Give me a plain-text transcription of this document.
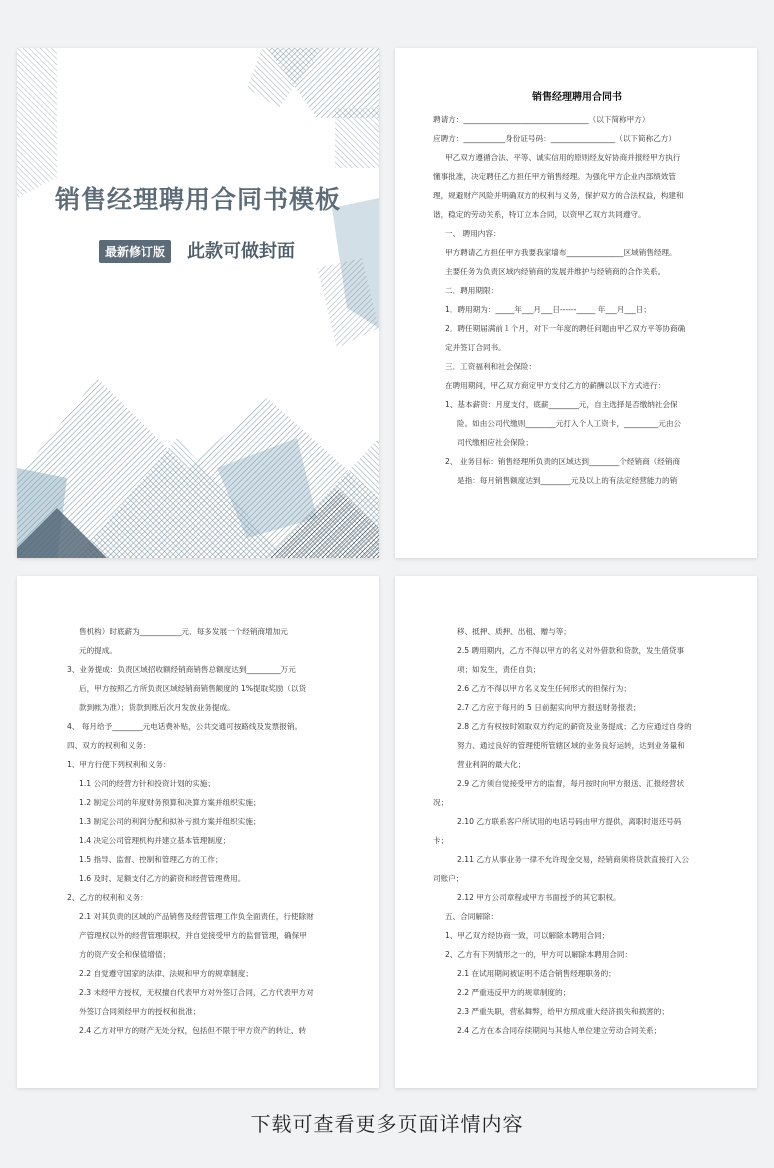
销售经理聘用合同书模板
最新修订版	此款可做封面
销售经理聘用合同书
聘请方：_________________________________（以下简称甲方）
应聘方：___________身份证号码：_________________（以下简称乙方）
甲乙双方遵循合法、平等、诚实信用的原则经友好协商并报经甲方执行
懂事批准，决定聘任乙方担任甲方销售经理。为强化甲方企业内部绩效管
理，规避财产风险并明确双方的权利与义务，保护双方的合法权益，构建和
谐，稳定的劳动关系，特订立本合同，以资甲乙双方共同遵守。
一、 聘用内容：
甲方聘请乙方担任甲方我要我家墙布_______________区域销售经理。
主要任务为负责区域内经销商的发展并维护与经销商的合作关系。
二．聘用期限：
1．聘用期为：_____年___月___日------_____ 年___月___日；
2．聘任期届满前１个月，对下一年度的聘任问题由甲乙双方平等协商确
定并签订合同书。
三．工资福利和社会保险：
在聘用期间，甲乙双方商定甲方支付乙方的薪酬以以下方式进行：
1、基本薪资：月度支付，底薪________元，自主选择是否缴纳社会保
险。如由公司代缴则________元打入个人工资卡，_________元由公
司代缴相应社会保险；
2、 业务目标：销售经理所负责的区域达到________个经销商（经销商
是指：每月销售额度达到________元及以上的有法定经营能力的销
售机构）时底薪为___________元．每多发展一个经销商增加元
元的提成。
3、业务提成：负责区域招收额经销商销售总额度达到_________万元
后，甲方按照乙方所负责区域经销商销售额度的 1%提取奖励（以货
款到帐为准）；货款到账后次月发放业务提成。
4、 每月给予________元电话费补贴，公共交通可按路线及发票报销。
四、双方的权利和义务：
1、甲方行使下列权利和义务：
1.1 公司的经营方针和投资计划的实施；
1.2 制定公司的年度财务预算和决算方案并组织实施；
1.3 制定公司的利润分配和拟补亏损方案并组织实施；
1.4 决定公司管理机构并建立基本管理制度；
1.5 指导、监督、控制和管理乙方的工作；
1.6 及时、足额支付乙方的薪资和经营管理费用。
2、乙方的权利和义务：
2.1 对其负责的区域的产品销售及经营管理工作负全面责任，行使除财
产管理权以外的经营管理职权，并自觉接受甲方的监督管理，确保甲
方的资产安全和保值增值；
2.2 自觉遵守国家的法律、法规和甲方的规章制度；
2.3 未经甲方授权，无权擅自代表甲方对外签订合同，乙方代表甲方对
外签订合同须经甲方的授权和批准；
2.4 乙方对甲方的财产无处分权，包括但不限于甲方资产的转让、转
移、抵押、质押、出租、赠与等；
2.5 聘用期内，乙方不得以甲方的名义对外借款和贷款，发生借贷事
项；如发生，责任自负；
2.6 乙方不得以甲方名义发生任何形式的担保行为；
2.7 乙方应于每月的 5 日前据实向甲方报送财务报表；
2.8 乙方有权按时领取双方约定的薪资及业务提成；乙方应通过自身的
努力、通过良好的管理使所管辖区域的业务良好运转，达到业务量和
营业利润的最大化；
2.9 乙方须自觉接受甲方的监督，每月按时向甲方报送、汇报经营状
况；
2.10 乙方联系客户所试用的电话号码由甲方提供，离职时退还号码
卡；
2.11 乙方从事业务一律不允许现金交易，经销商须将货款直接打入公
司账户；
2.12 甲方公司章程或甲方书面授予的其它职权。
五、合同解除：
1、甲乙双方经协商一致，可以解除本聘用合同；
2、乙方有下列情形之一的，甲方可以解除本聘用合同：
2.1 在试用期间被证明不适合销售经理职务的；
2.2 严重违反甲方的规章制度的；
2.3 严重失职，营私舞弊，给甲方照成重大经济损失和损害的；
2.4 乙方在本合同存续期间与其他人单位建立劳动合同关系；
下载可查看更多页面详情内容
